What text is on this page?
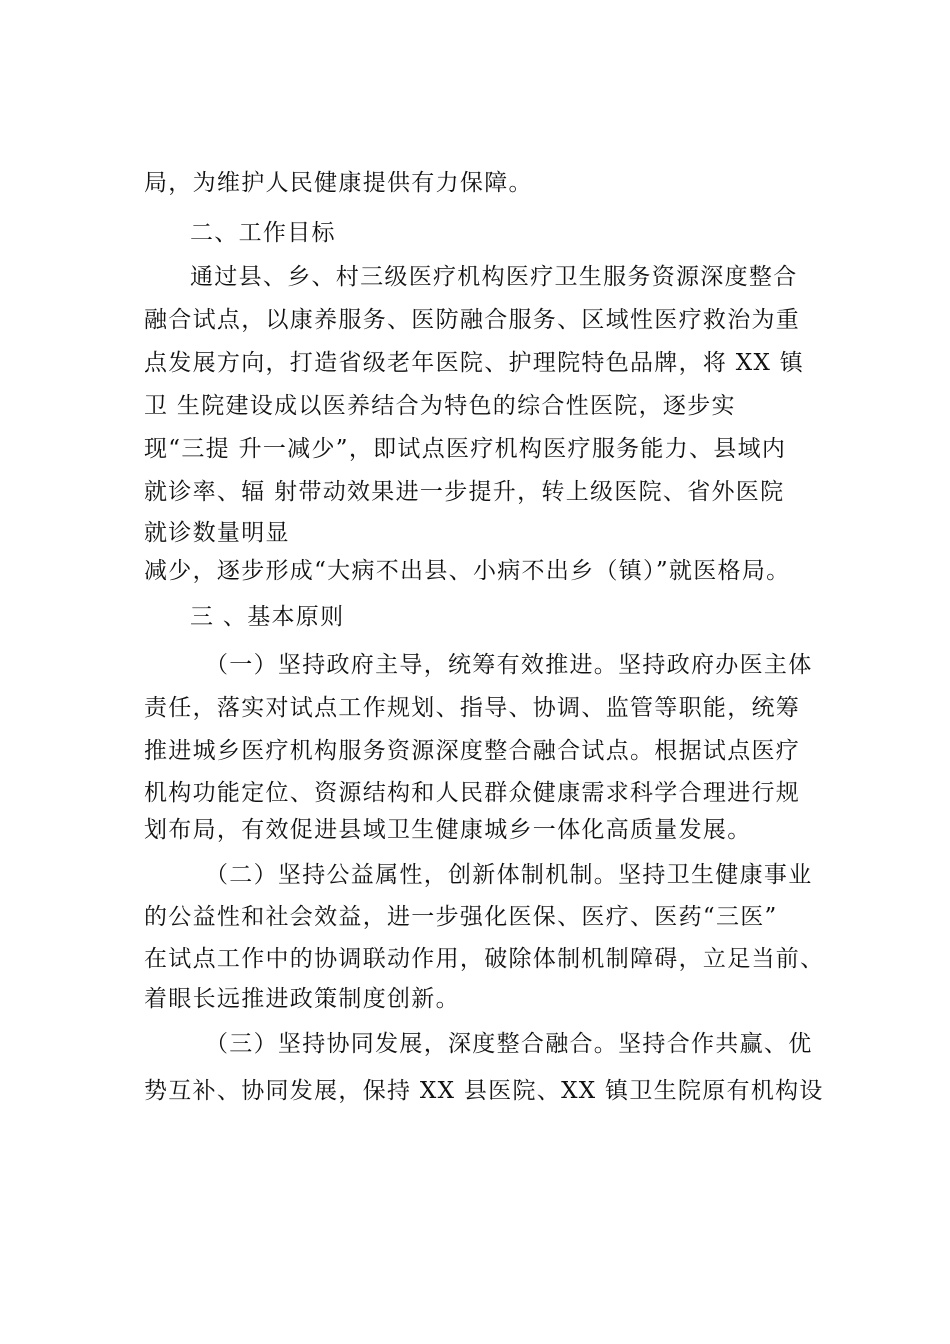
局，为维护人民健康提供有力保障。
二、工作目标
通过县、乡、村三级医疗机构医疗卫生服务资源深度整合
融合试点，以康养服务、医防融合服务、区域性医疗救治为重
点发展方向，打造省级老年医院、护理院特色品牌，将 XX 镇
卫 生院建设成以医养结合为特色的综合性医院，逐步实
现“三提 升一减少”，即试点医疗机构医疗服务能力、县域内
就诊率、辐 射带动效果进一步提升，转上级医院、省外医院
就诊数量明显
减少，逐步形成“大病不出县、小病不出乡（镇）”就医格局。
三 、基本原则
（一）坚持政府主导，统筹有效推进。坚持政府办医主体
责任，落实对试点工作规划、指导、协调、监管等职能，统筹
推进城乡医疗机构服务资源深度整合融合试点。根据试点医疗
机构功能定位、资源结构和人民群众健康需求科学合理进行规
划布局，有效促进县域卫生健康城乡一体化高质量发展。
（二）坚持公益属性，创新体制机制。坚持卫生健康事业
的公益性和社会效益，进一步强化医保、医疗、医药“三医”
在试点工作中的协调联动作用，破除体制机制障碍，立足当前、
着眼长远推进政策制度创新。
（三）坚持协同发展，深度整合融合。坚持合作共赢、优
势互补、协同发展，保持 XX 县医院、XX 镇卫生院原有机构设
